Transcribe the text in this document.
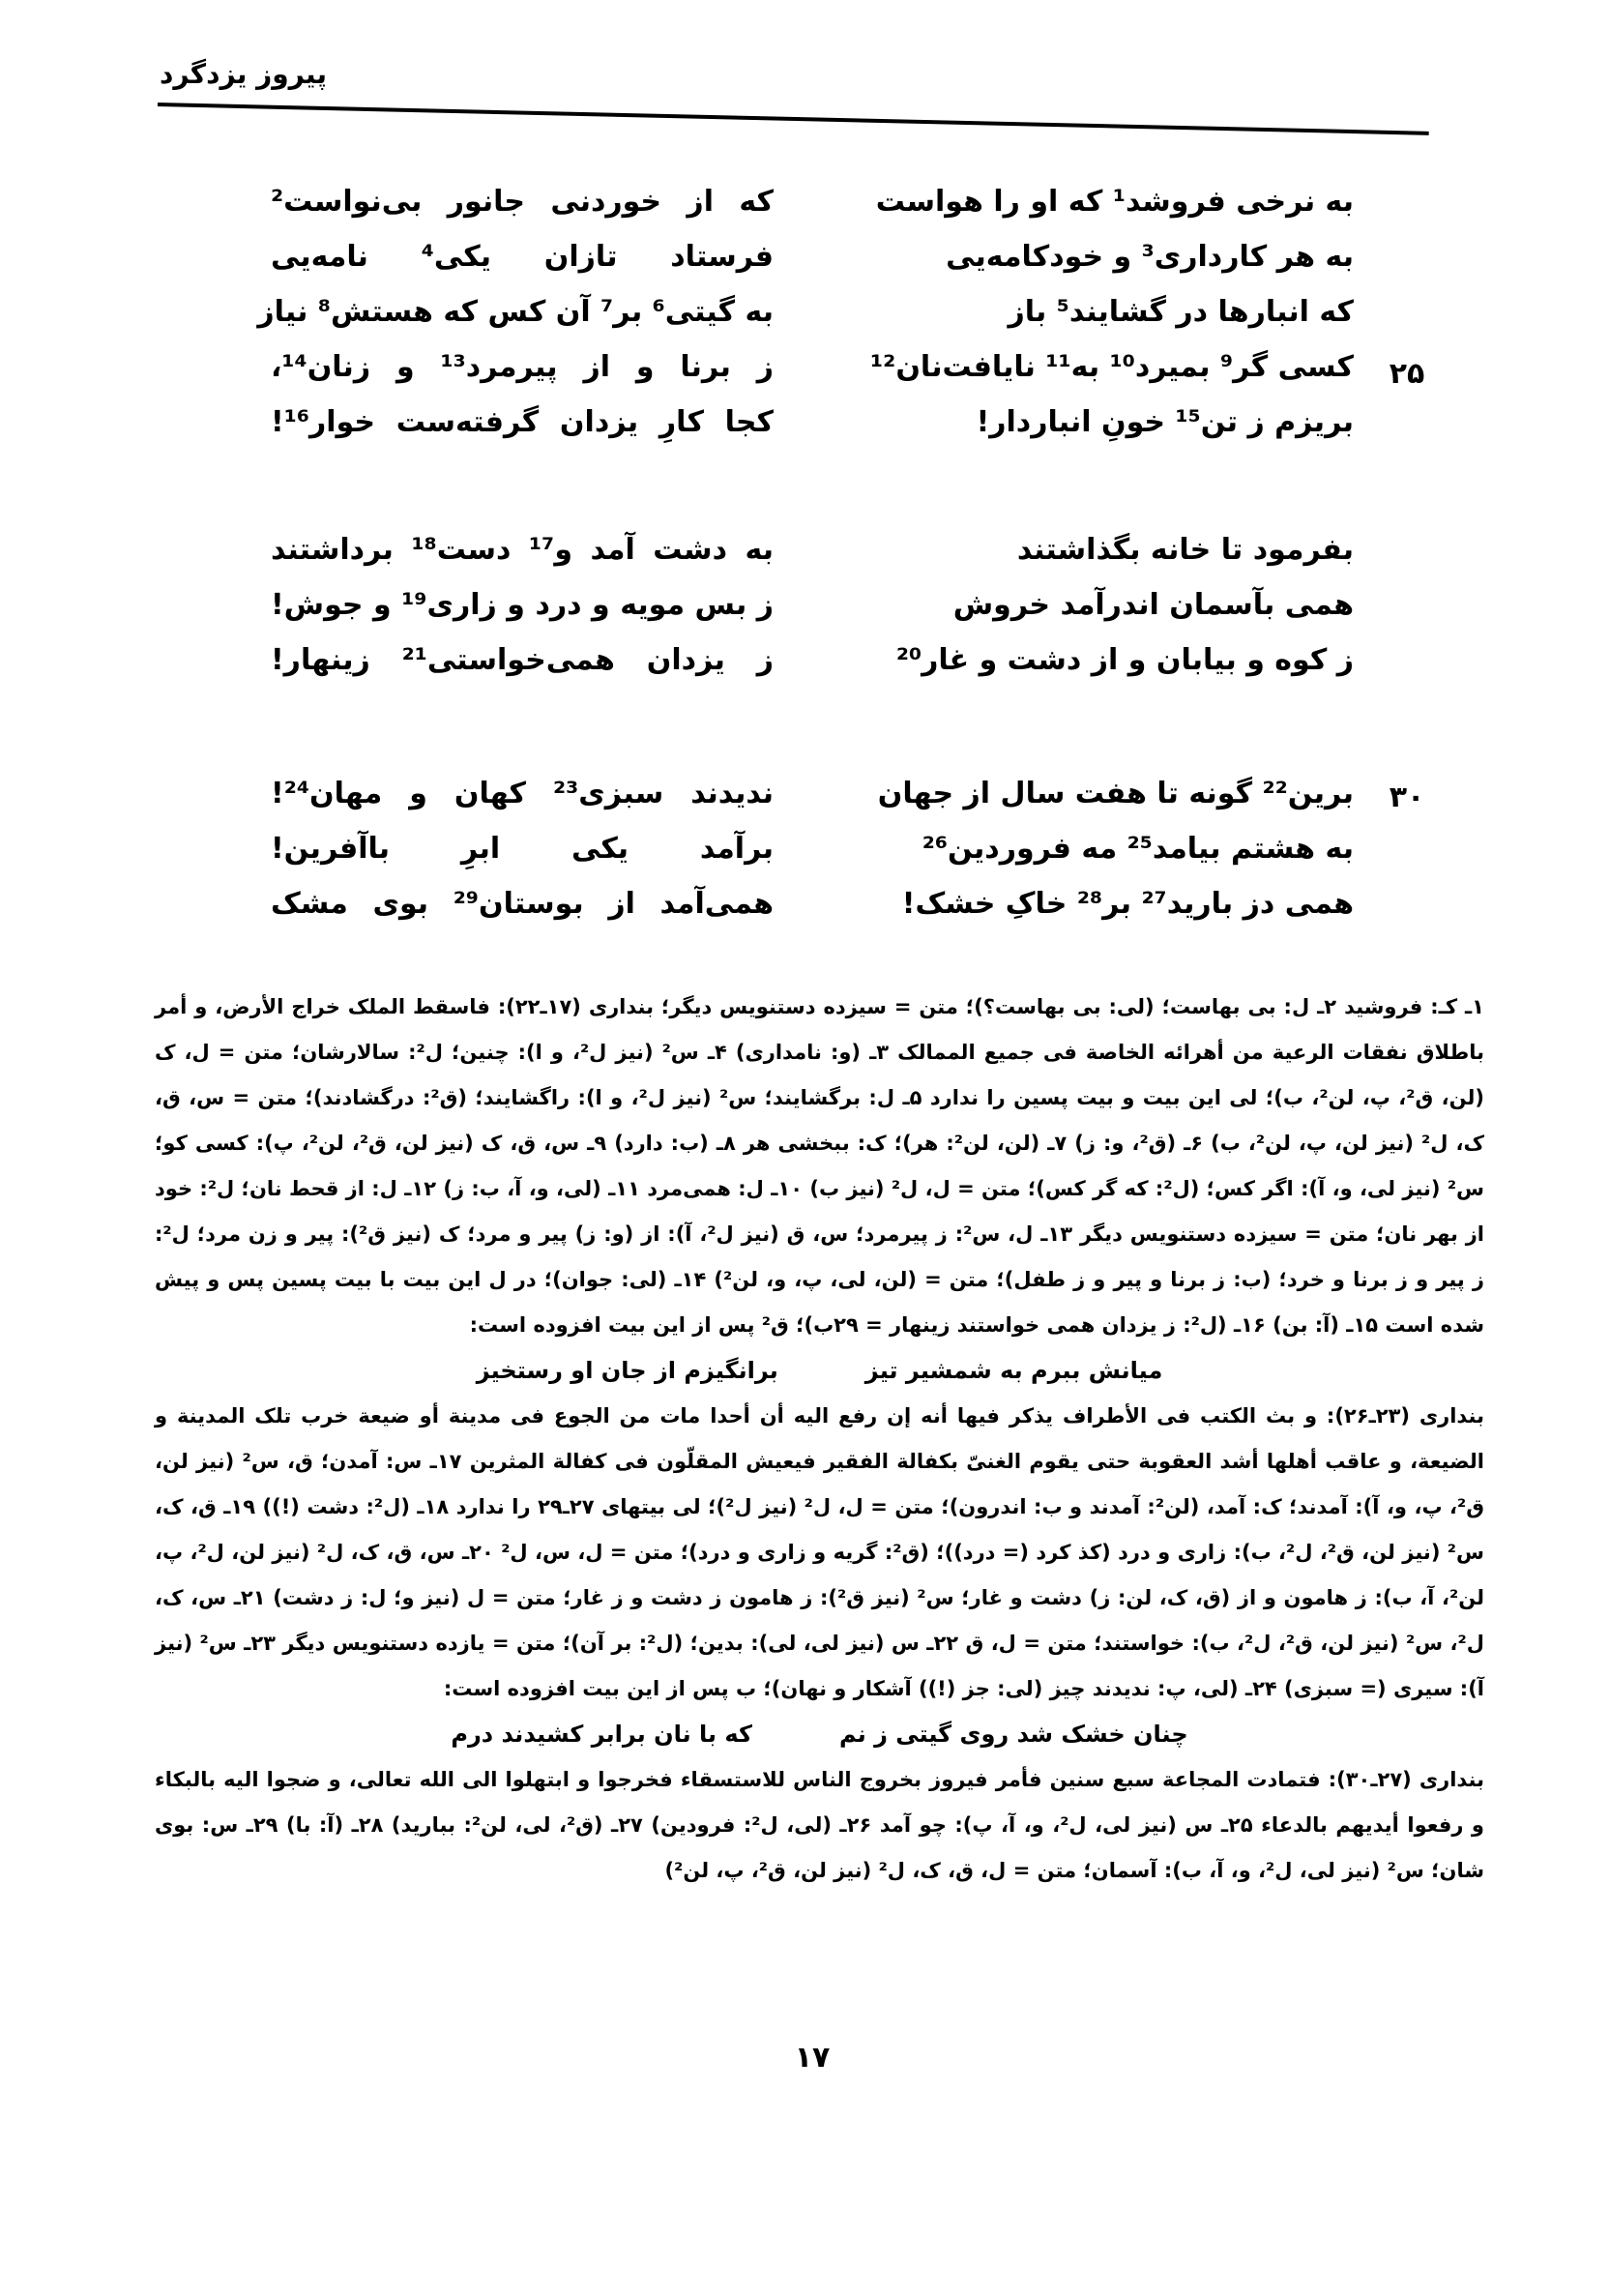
پیروز یزدگرد
به نرخی فروشد¹ که او را هواست
که از خوردنی جانور بی‌نواست²
به هر کارداری³ و خودکامه‌یی
فرستاد تازان یکی⁴ نامه‌یی
که انبارها در گشایند⁵ باز
به گیتی⁶ بر⁷ آن کس که هستش⁸ نیاز
۲۵
کسی گر⁹ بمیرد¹⁰ به¹¹ نایافت‌نان¹²
ز برنا و از پیرمرد¹³ و زنان¹⁴،
بریزم ز تن¹⁵ خونِ انباردار!
کجا کارِ یزدان گرفته‌ست خوار¹⁶!
بفرمود تا خانه بگذاشتند
به دشت آمد و¹⁷ دست¹⁸ برداشتند
همی بآسمان اندرآمد خروش
ز بس مویه و درد و زاری¹⁹ و جوش!
ز کوه و بیابان و از دشت و غار²⁰
ز یزدان همی‌خواستی²¹ زینهار!
۳۰
برین²² گونه تا هفت سال از جهان
ندیدند سبزی²³ کهان و مهان²⁴!
به هشتم بیامد²⁵ مه فروردین²⁶
برآمد یکی ابرِ باآفرین!
همی دز بارید²⁷ بر²⁸ خاکِ خشک!
همی‌آمد از بوستان²⁹ بوی مشک

۱ـ کـ: فروشید ۲ـ ل: بی بهاست؛ (لی: بی بهاست؟)؛ متن = سیزده دستنویس دیگر؛ بنداری (۱۷ـ۲۲): فاسقط الملک خراج الأرض، و أمر باطلاق نفقات الرعیة من أهرائه الخاصة فی جمیع الممالک ۳ـ (و: نامداری) ۴ـ س² (نیز ل²، و ا): چنین؛ ل²: سالارشان؛ متن = ل، ک (لن، ق²، پ، لن²، ب)؛ لی این بیت و بیت پسین را ندارد ۵ـ ل: برگشایند؛ س² (نیز ل²، و ا): راگشایند؛ (ق²: درگشادند)؛ متن = س، ق، ک، ل² (نیز لن، پ، لن²، ب) ۶ـ (ق²، و: ز) ۷ـ (لن، لن²: هر)؛ ک: ببخشی هر ۸ـ (ب: دارد) ۹ـ س، ق، ک (نیز لن، ق²، لن²، پ): کسی کو؛ س² (نیز لی، و، آ): اگر کس؛ (ل²: که گر کس)؛ متن = ل، ل² (نیز ب) ۱۰ـ ل: همی‌مرد ۱۱ـ (لی، و، آ، ب: ز) ۱۲ـ ل: از قحط نان؛ ل²: خود از بهر نان؛ متن = سیزده دستنویس دیگر ۱۳ـ ل، س²: ز پیرمرد؛ س، ق (نیز ل²، آ): از (و: ز) پیر و مرد؛ ک (نیز ق²): پیر و زن مرد؛ ل²: ز پیر و ز برنا و خرد؛ (ب: ز برنا و پیر و ز طفل)؛ متن = (لن، لی، پ، و، لن²) ۱۴ـ (لی: جوان)؛ در ل این بیت با بیت پسین پس و پیش شده است ۱۵ـ (آ: بن) ۱۶ـ (ل²: ز یزدان همی خواستند زینهار = ۲۹ب)؛ ق² پس از این بیت افزوده است:

میانش ببرم به شمشیر تیز
برانگیزم از جان او رستخیز

بنداری (۲۳ـ۲۶): و بث الکتب فی الأطراف یذکر فیها أنه إن رفع الیه أن أحدا مات من الجوع فی مدینة أو ضیعة خرب تلک المدینة و الضیعة، و عاقب أهلها أشد العقوبة حتی یقوم الغنیّ بکفالة الفقیر فیعیش المقلّون فی کفالة المثرین ۱۷ـ س: آمدن؛ ق، س² (نیز لن، ق²، پ، و، آ): آمدند؛ ک: آمد، (لن²: آمدند و ب: اندرون)؛ متن = ل، ل² (نیز ل²)؛ لی بیتهای ۲۷ـ۲۹ را ندارد ۱۸ـ (ل²: دشت (!)) ۱۹ـ ق، ک، س² (نیز لن، ق²، ل²، ب): زاری و درد (کذ کرد (= درد))؛ (ق²: گریه و زاری و درد)؛ متن = ل، س، ل² ۲۰ـ س، ق، ک، ل² (نیز لن، ل²، پ، لن²، آ، ب): ز هامون و از (ق، ک، لن: ز) دشت و غار؛ س² (نیز ق²): ز هامون ز دشت و ز غار؛ متن = ل (نیز و؛ ل: ز دشت) ۲۱ـ س، ک، ل²، س² (نیز لن، ق²، ل²، ب): خواستند؛ متن = ل، ق ۲۲ـ س (نیز لی، لی): بدین؛ (ل²: بر آن)؛ متن = یازده دستنویس دیگر ۲۳ـ س² (نیز آ): سیری (= سبزی) ۲۴ـ (لی، پ: ندیدند چیز (لی: جز (!)) آشکار و نهان)؛ ب پس از این بیت افزوده است:

چنان خشک شد روی گیتی ز نم
که با نان برابر کشیدند درم

بنداری (۲۷ـ۳۰): فتمادت المجاعة سبع سنین فأمر فیروز بخروج الناس للاستسقاء فخرجوا و ابتهلوا الی الله تعالی، و ضجوا الیه بالبکاء و رفعوا أیدیهم بالدعاء ۲۵ـ س (نیز لی، ل²، و، آ، پ): چو آمد ۲۶ـ (لی، ل²: فرودین) ۲۷ـ (ق²، لی، لن²: ببارید) ۲۸ـ (آ: با) ۲۹ـ س: بوی شان؛ س² (نیز لی، ل²، و، آ، ب): آسمان؛ متن = ل، ق، ک، ل² (نیز لن، ق²، پ، لن²)

۱۷
